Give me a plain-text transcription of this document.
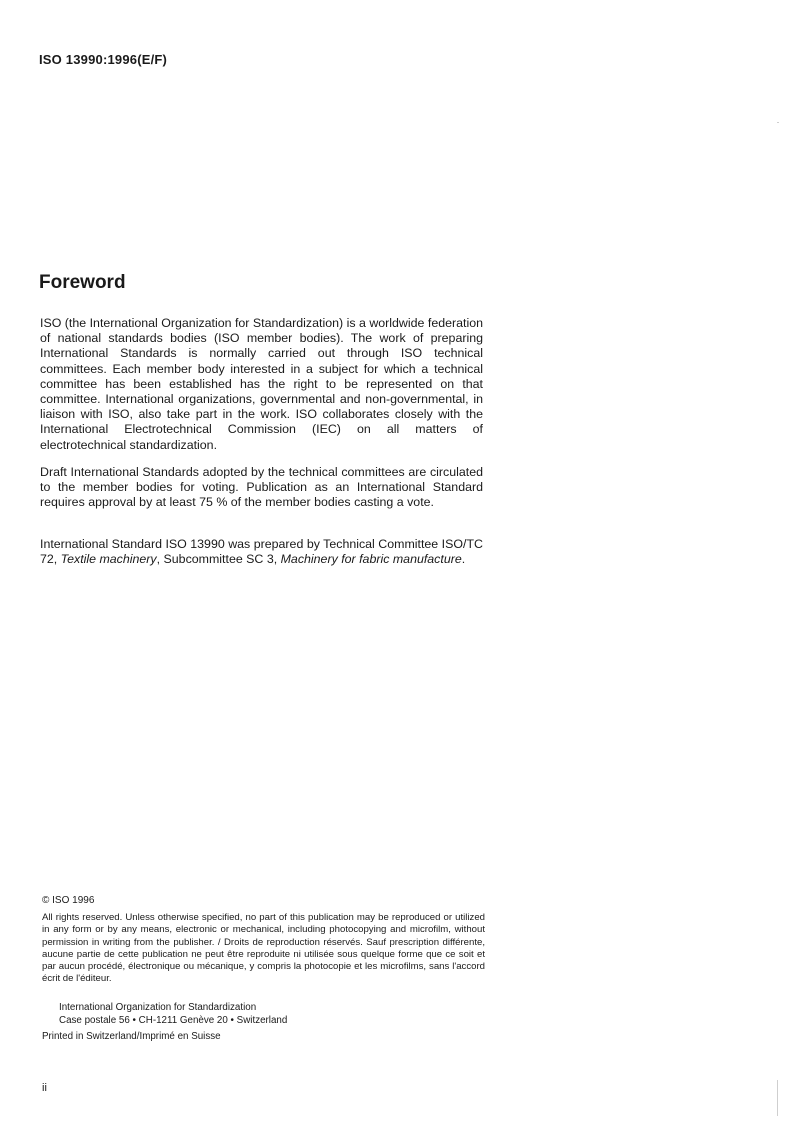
ISO 13990:1996(E/F)
Foreword

ISO (the International Organization for Standardization) is a worldwide federation of national standards bodies (ISO member bodies). The work of preparing International Standards is normally carried out through ISO technical committees. Each member body interested in a subject for which a technical committee has been established has the right to be represented on that committee. International organizations, governmental and non-governmental, in liaison with ISO, also take part in the work. ISO collaborates closely with the International Electrotechnical Commission (IEC) on all matters of electrotechnical standardization.

Draft International Standards adopted by the technical committees are circulated to the member bodies for voting. Publication as an International Standard requires approval by at least 75 % of the member bodies casting a vote.

International Standard ISO 13990 was prepared by Technical Committee ISO/TC 72, Textile machinery, Subcommittee SC 3, Machinery for fabric manufacture.

© ISO 1996

All rights reserved. Unless otherwise specified, no part of this publication may be reproduced or utilized in any form or by any means, electronic or mechanical, including photocopying and microfilm, without permission in writing from the publisher. / Droits de reproduction réservés. Sauf prescription différente, aucune partie de cette publication ne peut être reproduite ni utilisée sous quelque forme que ce soit et par aucun procédé, électronique ou mécanique, y compris la photocopie et les microfilms, sans l'accord écrit de l'éditeur.

International Organization for Standardization
Case postale 56 • CH-1211 Genève 20 • Switzerland
Printed in Switzerland/Imprimé en Suisse
ii
